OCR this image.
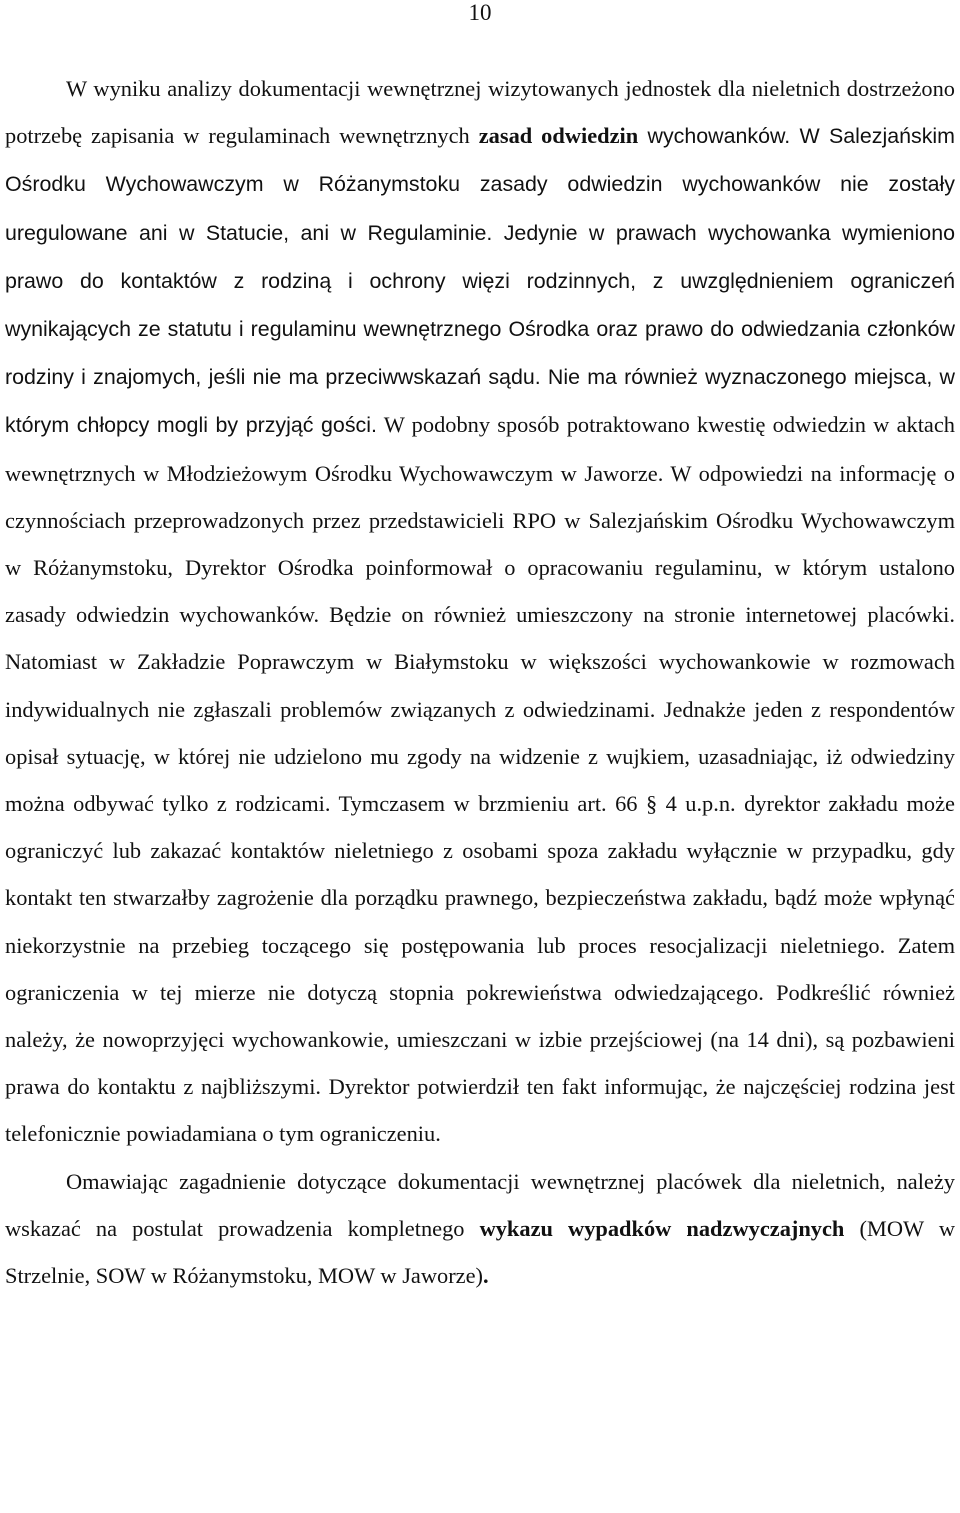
10

W wyniku analizy dokumentacji wewnętrznej wizytowanych jednostek dla nieletnich dostrzeżono potrzebę zapisania w regulaminach wewnętrznych zasad odwiedzin wychowanków. W Salezjańskim Ośrodku Wychowawczym w Różanymstoku zasady odwiedzin wychowanków nie zostały uregulowane ani w Statucie, ani w Regulaminie. Jedynie w prawach wychowanka wymieniono prawo do kontaktów z rodziną i ochrony więzi rodzinnych, z uwzględnieniem ograniczeń wynikających ze statutu i regulaminu wewnętrznego Ośrodka oraz prawo do odwiedzania członków rodziny i znajomych, jeśli nie ma przeciwwskazań sądu. Nie ma również wyznaczonego miejsca, w którym chłopcy mogli by przyjąć gości. W podobny sposób potraktowano kwestię odwiedzin w aktach wewnętrznych w Młodzieżowym Ośrodku Wychowawczym w Jaworze. W odpowiedzi na informację o czynnościach przeprowadzonych przez przedstawicieli RPO w Salezjańskim Ośrodku Wychowawczym w Różanymstoku, Dyrektor Ośrodka poinformował o opracowaniu regulaminu, w którym ustalono zasady odwiedzin wychowanków. Będzie on również umieszczony na stronie internetowej placówki. Natomiast w Zakładzie Poprawczym w Białymstoku w większości wychowankowie w rozmowach indywidualnych nie zgłaszali problemów związanych z odwiedzinami. Jednakże jeden z respondentów opisał sytuację, w której nie udzielono mu zgody na widzenie z wujkiem, uzasadniając, iż odwiedziny można odbywać tylko z rodzicami. Tymczasem w brzmieniu art. 66 § 4 u.p.n. dyrektor zakładu może ograniczyć lub zakazać kontaktów nieletniego z osobami spoza zakładu wyłącznie w przypadku, gdy kontakt ten stwarzałby zagrożenie dla porządku prawnego, bezpieczeństwa zakładu, bądź może wpłynąć niekorzystnie na przebieg toczącego się postępowania lub proces resocjalizacji nieletniego. Zatem ograniczenia w tej mierze nie dotyczą stopnia pokrewieństwa odwiedzającego. Podkreślić również należy, że nowoprzyjęci wychowankowie, umieszczani w izbie przejściowej (na 14 dni), są pozbawieni prawa do kontaktu z najbliższymi. Dyrektor potwierdził ten fakt informując, że najczęściej rodzina jest telefonicznie powiadamiana o tym ograniczeniu.

Omawiając zagadnienie dotyczące dokumentacji wewnętrznej placówek dla nieletnich, należy wskazać na postulat prowadzenia kompletnego wykazu wypadków nadzwyczajnych (MOW w Strzelnie, SOW w Różanymstoku, MOW w Jaworze).
